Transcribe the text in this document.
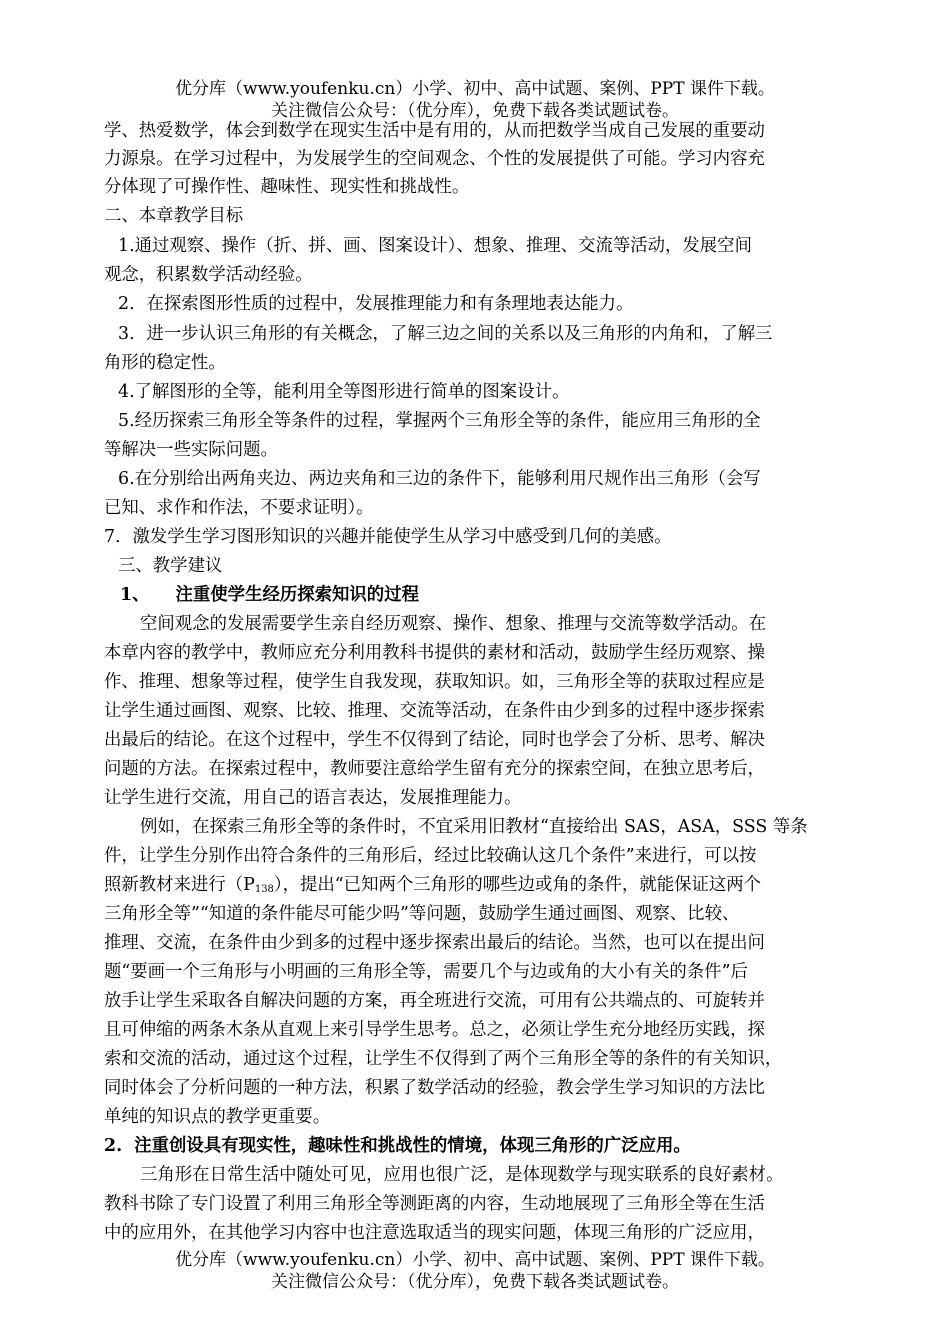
优分库（www.youfenku.cn）小学、初中、高中试题、案例、PPT 课件下载。
关注微信公众号：（优分库），免费下载各类试题试卷。
学、热爱数学，体会到数学在现实生活中是有用的，从而把数学当成自己发展的重要动
力源泉。在学习过程中，为发展学生的空间观念、个性的发展提供了可能。学习内容充
分体现了可操作性、趣味性、现实性和挑战性。
二、本章教学目标
1.通过观察、操作（折、拼、画、图案设计）、想象、推理、交流等活动，发展空间
观念，积累数学活动经验。
2．在探索图形性质的过程中，发展推理能力和有条理地表达能力。
3．进一步认识三角形的有关概念，了解三边之间的关系以及三角形的内角和，了解三
角形的稳定性。
4.了解图形的全等，能利用全等图形进行简单的图案设计。
5.经历探索三角形全等条件的过程，掌握两个三角形全等的条件，能应用三角形的全
等解决一些实际问题。
6.在分别给出两角夹边、两边夹角和三边的条件下，能够利用尺规作出三角形（会写
已知、求作和作法，不要求证明）。
7．激发学生学习图形知识的兴趣并能使学生从学习中感受到几何的美感。
三、教学建议
1、 注重使学生经历探索知识的过程
空间观念的发展需要学生亲自经历观察、操作、想象、推理与交流等数学活动。在
本章内容的教学中，教师应充分利用教科书提供的素材和活动，鼓励学生经历观察、操
作、推理、想象等过程，使学生自我发现，获取知识。如，三角形全等的获取过程应是
让学生通过画图、观察、比较、推理、交流等活动，在条件由少到多的过程中逐步探索
出最后的结论。在这个过程中，学生不仅得到了结论，同时也学会了分析、思考、解决
问题的方法。在探索过程中，教师要注意给学生留有充分的探索空间，在独立思考后，
让学生进行交流，用自己的语言表达，发展推理能力。
例如，在探索三角形全等的条件时，不宜采用旧教材“直接给出 SAS，ASA，SSS 等条
件，让学生分别作出符合条件的三角形后，经过比较确认这几个条件”来进行，可以按
照新教材来进行$(P_{138})$，提出“已知两个三角形的哪些边或角的条件，就能保证这两个
三角形全等”“知道的条件能尽可能少吗”等问题，鼓励学生通过画图、观察、比较、
推理、交流，在条件由少到多的过程中逐步探索出最后的结论。当然，也可以在提出问
题“要画一个三角形与小明画的三角形全等，需要几个与边或角的大小有关的条件”后
放手让学生采取各自解决问题的方案，再全班进行交流，可用有公共端点的、可旋转并
且可伸缩的两条木条从直观上来引导学生思考。总之，必须让学生充分地经历实践，探
索和交流的活动，通过这个过程，让学生不仅得到了两个三角形全等的条件的有关知识，
同时体会了分析问题的一种方法，积累了数学活动的经验，教会学生学习知识的方法比
单纯的知识点的教学更重要。
2.  注重创设具有现实性，趣味性和挑战性的情境，体现三角形的广泛应用。
三角形在日常生活中随处可见，应用也很广泛，是体现数学与现实联系的良好素材。
教科书除了专门设置了利用三角形全等测距离的内容，生动地展现了三角形全等在生活
中的应用外，在其他学习内容中也注意选取适当的现实问题，体现三角形的广泛应用，
优分库（www.youfenku.cn）小学、初中、高中试题、案例、PPT 课件下载。
关注微信公众号：（优分库），免费下载各类试题试卷。
